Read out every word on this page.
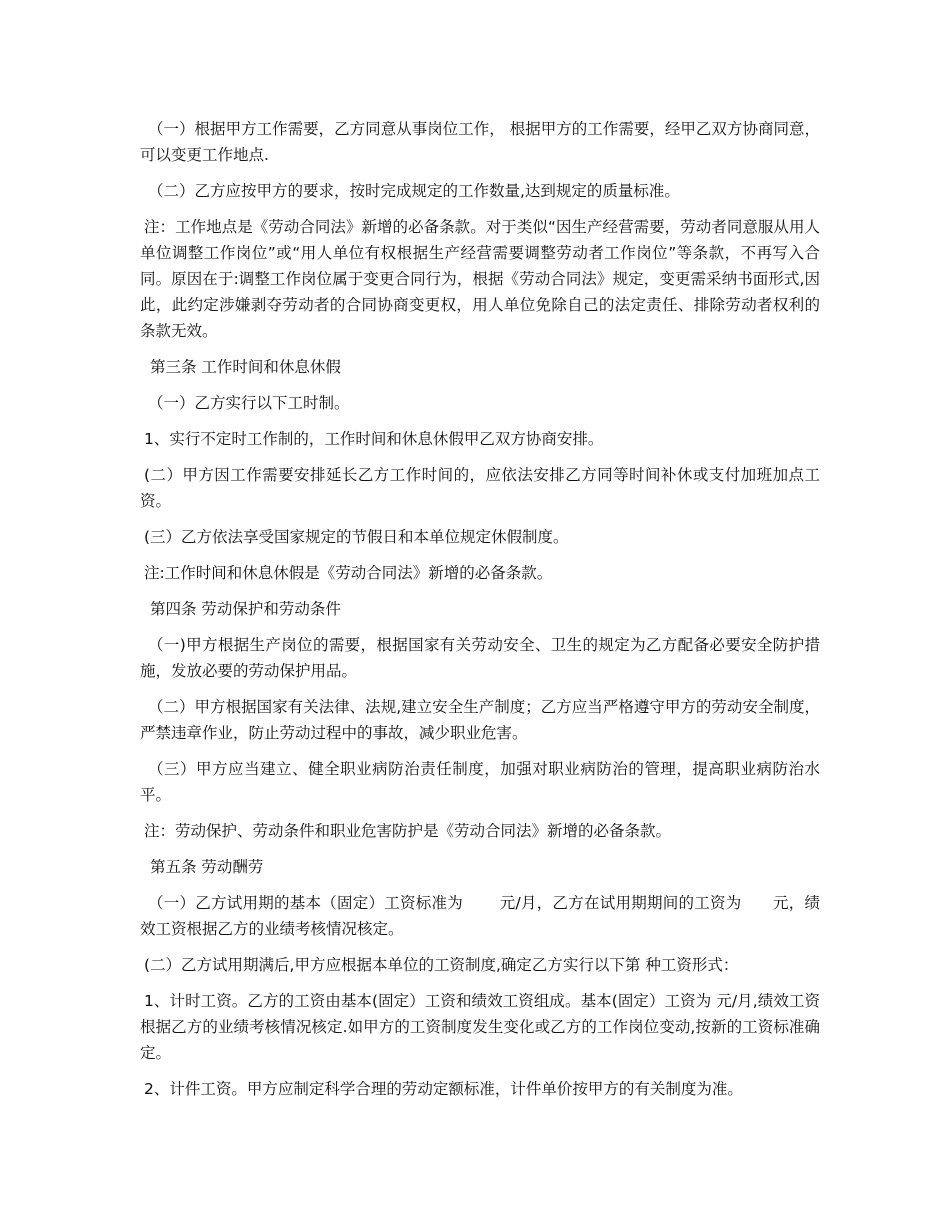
（一）根据甲方工作需要，乙方同意从事岗位工作， 根据甲方的工作需要，经甲乙双方协商同意，可以变更工作地点.

（二）乙方应按甲方的要求，按时完成规定的工作数量,达到规定的质量标准。

注：工作地点是《劳动合同法》新增的必备条款。对于类似“因生产经营需要，劳动者同意服从用人单位调整工作岗位”或“用人单位有权根据生产经营需要调整劳动者工作岗位”等条款，不再写入合同。原因在于:调整工作岗位属于变更合同行为，根据《劳动合同法》规定，变更需采纳书面形式,因此，此约定涉嫌剥夺劳动者的合同协商变更权，用人单位免除自己的法定责任、排除劳动者权利的条款无效。

第三条 工作时间和休息休假

（一）乙方实行以下工时制。

1、实行不定时工作制的，工作时间和休息休假甲乙双方协商安排。

(二）甲方因工作需要安排延长乙方工作时间的，应依法安排乙方同等时间补休或支付加班加点工资。

(三）乙方依法享受国家规定的节假日和本单位规定休假制度。

注:工作时间和休息休假是《劳动合同法》新增的必备条款。

第四条 劳动保护和劳动条件

（一)甲方根据生产岗位的需要，根据国家有关劳动安全、卫生的规定为乙方配备必要安全防护措施，发放必要的劳动保护用品。

（二）甲方根据国家有关法律、法规,建立安全生产制度；乙方应当严格遵守甲方的劳动安全制度，严禁违章作业，防止劳动过程中的事故，减少职业危害。

（三）甲方应当建立、健全职业病防治责任制度，加强对职业病防治的管理，提高职业病防治水平。

注：劳动保护、劳动条件和职业危害防护是《劳动合同法》新增的必备条款。

第五条 劳动酬劳

（一）乙方试用期的基本（固定）工资标准为　　 元/月，乙方在试用期期间的工资为　　元，绩效工资根据乙方的业绩考核情况核定。

(二）乙方试用期满后,甲方应根据本单位的工资制度,确定乙方实行以下第 种工资形式：

1、计时工资。乙方的工资由基本(固定）工资和绩效工资组成。基本(固定）工资为 元/月,绩效工资根据乙方的业绩考核情况核定.如甲方的工资制度发生变化或乙方的工作岗位变动,按新的工资标准确定。

2、计件工资。甲方应制定科学合理的劳动定额标准，计件单价按甲方的有关制度为准。
